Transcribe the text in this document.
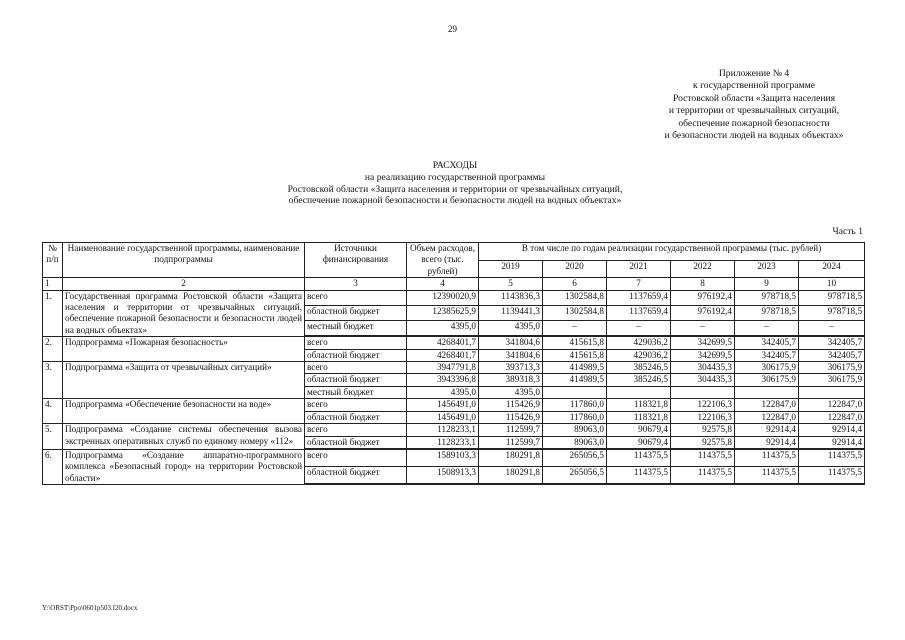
29
Приложение № 4
к государственной программе
Ростовской области «Защита населения
и территории от чрезвычайных ситуаций,
обеспечение пожарной безопасности
и безопасности людей на водных объектах»
РАСХОДЫ
на реализацию государственной программы
Ростовской области «Защита населения и территории от чрезвычайных ситуаций,
обеспечение пожарной безопасности и безопасности людей на водных объектах»
Часть 1
№ п/п	Наименование государственной программы, наименование подпрограммы	Источники финансирования	Объем расходов, всего (тыс. рублей)	В том числе по годам реализации государственной программы (тыс. рублей)					
				2019	2020	2021	2022	2023	2024
1	2	3	4	5	6	7	8	9	10
1.	Государственная программа Ростовской области «Защита населения и территории от чрезвычайных ситуаций, обеспечение пожарной безопасности и безопасности людей на водных объектах»	всего	12390020,9	1143836,3	1302584,8	1137659,4	976192,4	978718,5	978718,5
		областной бюджет	12385625,9	1139441,3	1302584,8	1137659,4	976192,4	978718,5	978718,5
		местный бюджет	4395,0	4395,0	–	–	–	–	–

2.	Подпрограмма «Пожарная безопасность»	всего	4268401,7	341804,6	415615,8	429036,2	342699,5	342405,7	342405,7
		областной бюджет	4268401,7	341804,6	415615,8	429036,2	342699,5	342405,7	342405,7
3.	Подпрограмма «Защита от чрезвычайных ситуаций»	всего	3947791,8	393713,3	414989,5	385246,5	304435,3	306175,9	306175,9
		областной бюджет	3943396,8	389318,3	414989,5	385246,5	304435,3	306175,9	306175,9
		местный бюджет	4395,0	4395,0					
4.	Подпрограмма «Обеспечение безопасности на воде»	всего	1456491,0	115426,9	117860,0	118321,8	122106,3	122847,0	122847,0
		областной бюджет	1456491,0	115426,9	117860,0	118321,8	122106,3	122847,0	122847,0
5.	Подпрограмма «Создание системы обеспечения вызова экстренных оперативных служб по единому номеру «112»	всего	1128233,1	112599,7	89063,0	90679,4	92575,8	92914,4	92914,4
		областной бюджет	1128233,1	112599,7	89063,0	90679,4	92575,8	92914,4	92914,4

6.	Подпрограмма «Создание аппаратно-программного комплекса «Безопасный город» на территории Ростовской области»	всего	1589103,3	180291,8	265056,5	114375,5	114375,5	114375,5	114375,5
		областной бюджет	1508913,3	180291,8	265056,5	114375,5	114375,5	114375,5	114375,5

Y:\ORST\Ppo\0601p503.f20.docx
